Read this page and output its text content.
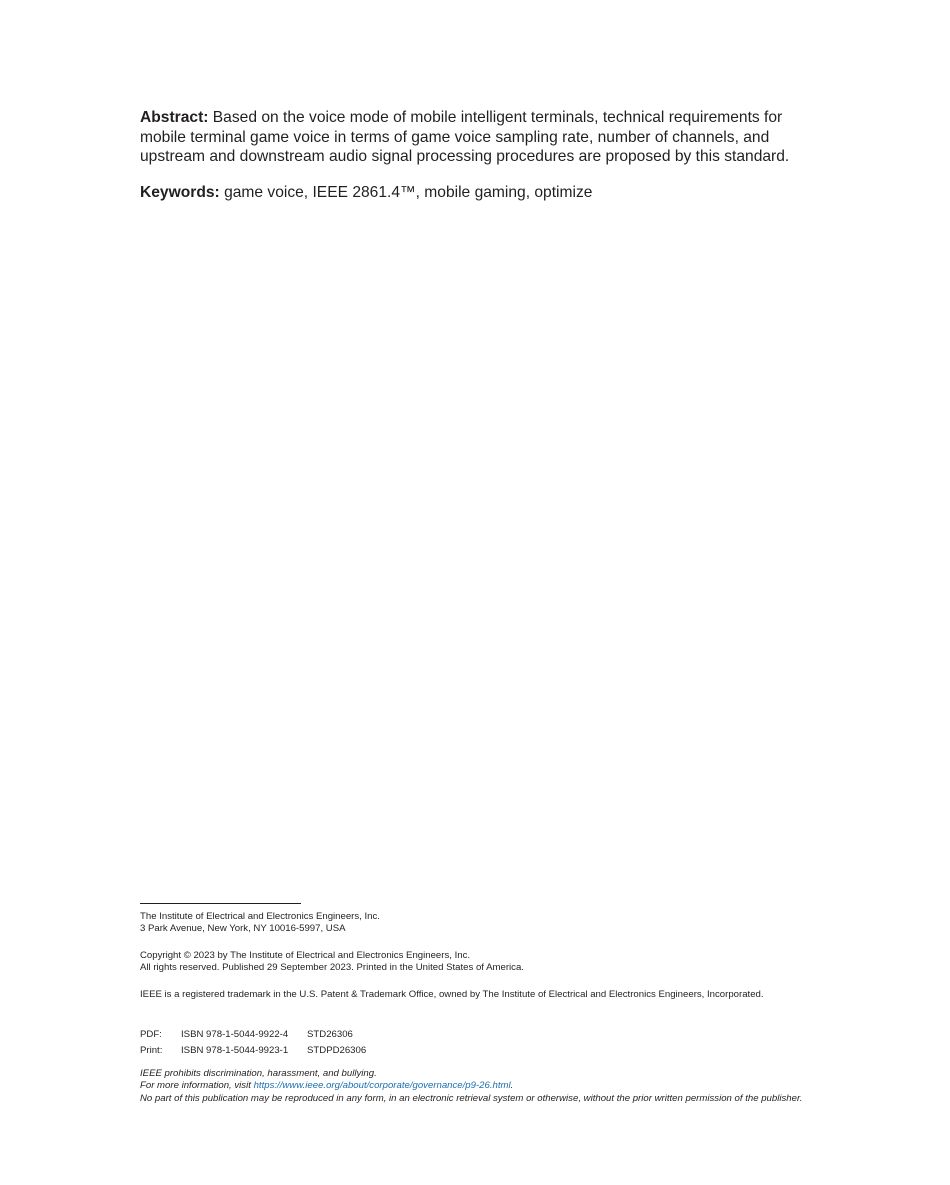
Abstract: Based on the voice mode of mobile intelligent terminals, technical requirements for mobile terminal game voice in terms of game voice sampling rate, number of channels, and upstream and downstream audio signal processing procedures are proposed by this standard.

Keywords: game voice, IEEE 2861.4™, mobile gaming, optimize

The Institute of Electrical and Electronics Engineers, Inc.
3 Park Avenue, New York, NY 10016-5997, USA
Copyright © 2023 by The Institute of Electrical and Electronics Engineers, Inc.
All rights reserved. Published 29 September 2023. Printed in the United States of America.
IEEE is a registered trademark in the U.S. Patent & Trademark Office, owned by The Institute of Electrical and Electronics Engineers, Incorporated.
PDF:	ISBN 978-1-5044-9922-4	STD26306
Print:	ISBN 978-1-5044-9923-1	STDPD26306
IEEE prohibits discrimination, harassment, and bullying.
For more information, visit https://www.ieee.org/about/corporate/governance/p9-26.html.
No part of this publication may be reproduced in any form, in an electronic retrieval system or otherwise, without the prior written permission of the publisher.
